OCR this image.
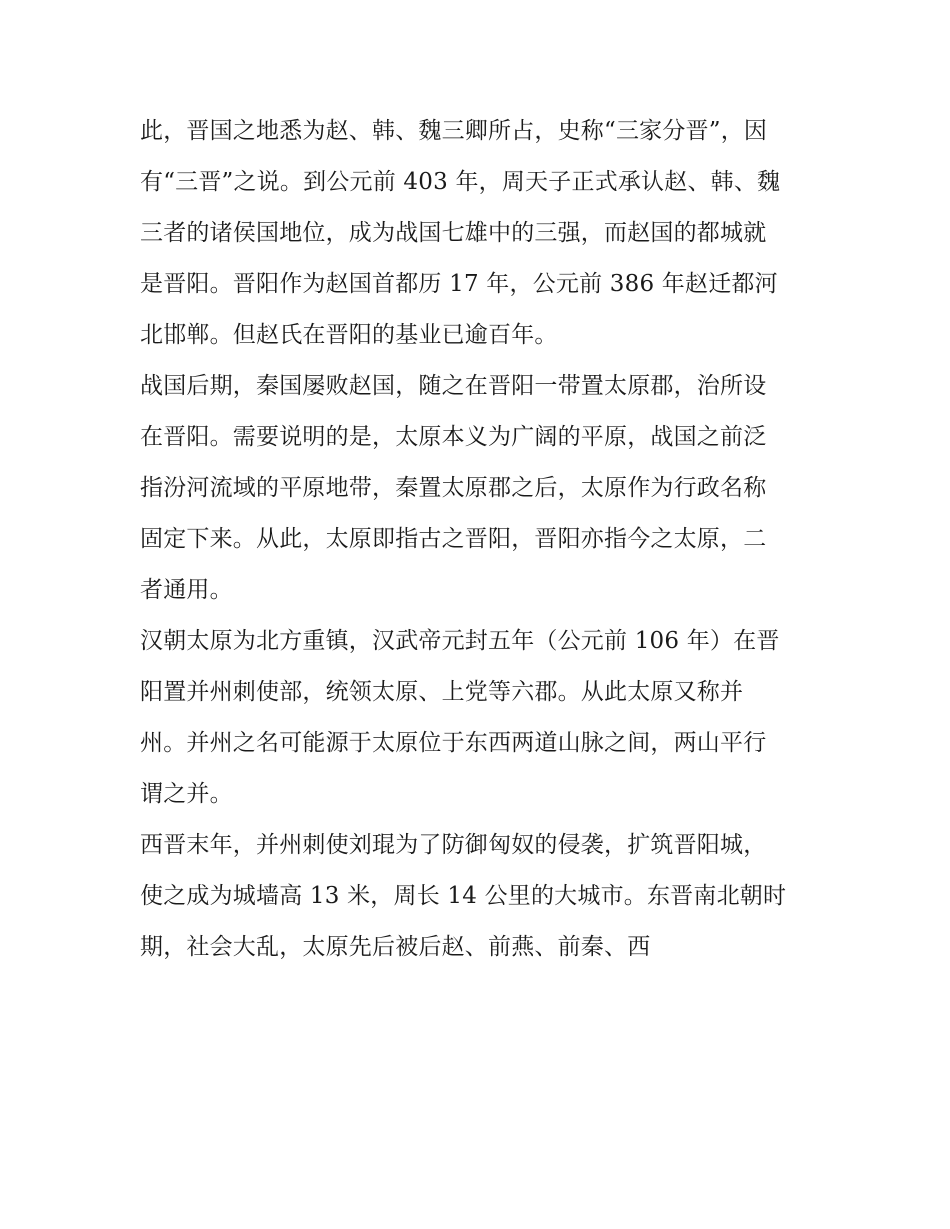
此，晋国之地悉为赵、韩、魏三卿所占，史称“三家分晋”，因
有“三晋”之说。到公元前 403 年，周天子正式承认赵、韩、魏
三者的诸侯国地位，成为战国七雄中的三强，而赵国的都城就
是晋阳。晋阳作为赵国首都历 17 年，公元前 386 年赵迁都河
北邯郸。但赵氏在晋阳的基业已逾百年。
战国后期，秦国屡败赵国，随之在晋阳一带置太原郡，治所设
在晋阳。需要说明的是，太原本义为广阔的平原，战国之前泛
指汾河流域的平原地带，秦置太原郡之后，太原作为行政名称
固定下来。从此，太原即指古之晋阳，晋阳亦指今之太原，二
者通用。
汉朝太原为北方重镇，汉武帝元封五年（公元前 106 年）在晋
阳置并州刺使部，统领太原、上党等六郡。从此太原又称并
州。并州之名可能源于太原位于东西两道山脉之间，两山平行
谓之并。
西晋末年，并州刺使刘琨为了防御匈奴的侵袭，扩筑晋阳城，
使之成为城墙高 13 米，周长 14 公里的大城市。东晋南北朝时
期，社会大乱，太原先后被后赵、前燕、前秦、西
